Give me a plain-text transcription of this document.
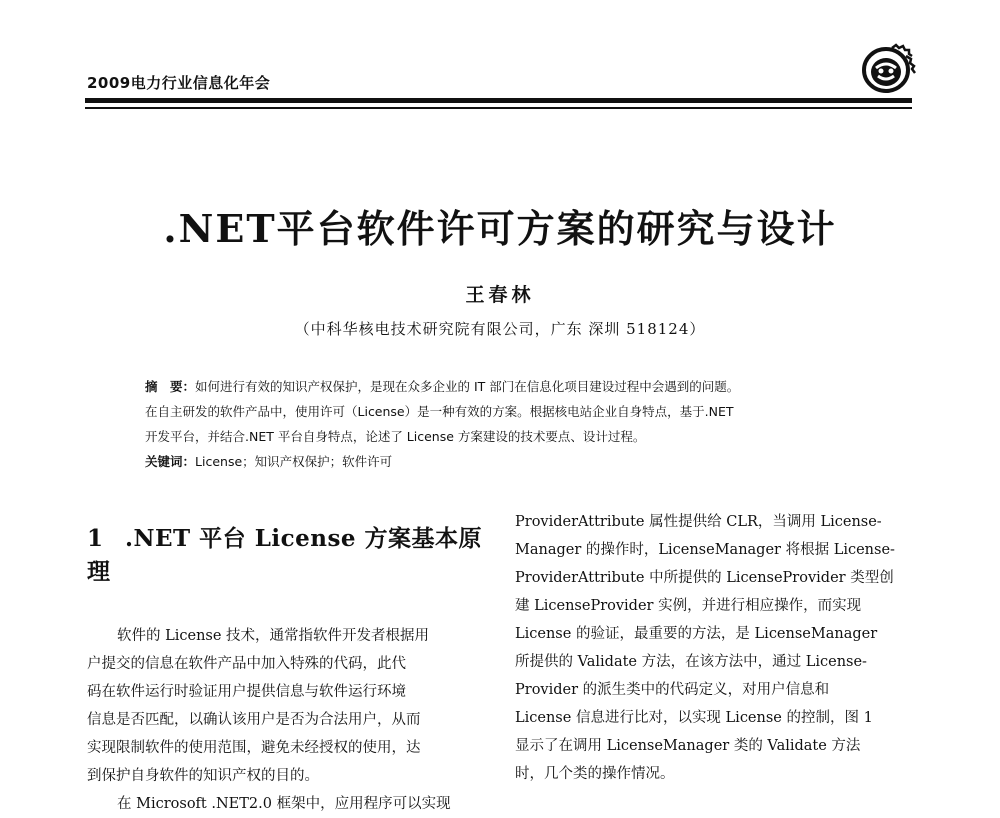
2009电力行业信息化年会
.NET平台软件许可方案的研究与设计
王春林
（中科华核电技术研究院有限公司，广东 深圳 518124）
摘　要：如何进行有效的知识产权保护，是现在众多企业的 IT 部门在信息化项目建设过程中会遇到的问题。
在自主研发的软件产品中，使用许可（License）是一种有效的方案。根据核电站企业自身特点，基于.NET
开发平台，并结合.NET 平台自身特点，论述了 License 方案建设的技术要点、设计过程。
关键词：License；知识产权保护；软件许可
1 .NET 平台 License 方案基本原理

软件的 License 技术，通常指软件开发者根据用
户提交的信息在软件产品中加入特殊的代码，此代
码在软件运行时验证用户提供信息与软件运行环境
信息是否匹配，以确认该用户是否为合法用户，从而
实现限制软件的使用范围，避免未经授权的使用，达
到保护自身软件的知识产权的目的。
在 Microsoft .NET2.0 框架中，应用程序可以实现

ProviderAttribute 属性提供给 CLR，当调用 License-
Manager 的操作时，LicenseManager 将根据 License-
ProviderAttribute 中所提供的 LicenseProvider 类型创
建 LicenseProvider 实例，并进行相应操作，而实现
License 的验证，最重要的方法，是 LicenseManager
所提供的 Validate 方法，在该方法中，通过 License-
Provider 的派生类中的代码定义，对用户信息和
License 信息进行比对，以实现 License 的控制，图 1
显示了在调用 LicenseManager 类的 Validate 方法
时，几个类的操作情况。
